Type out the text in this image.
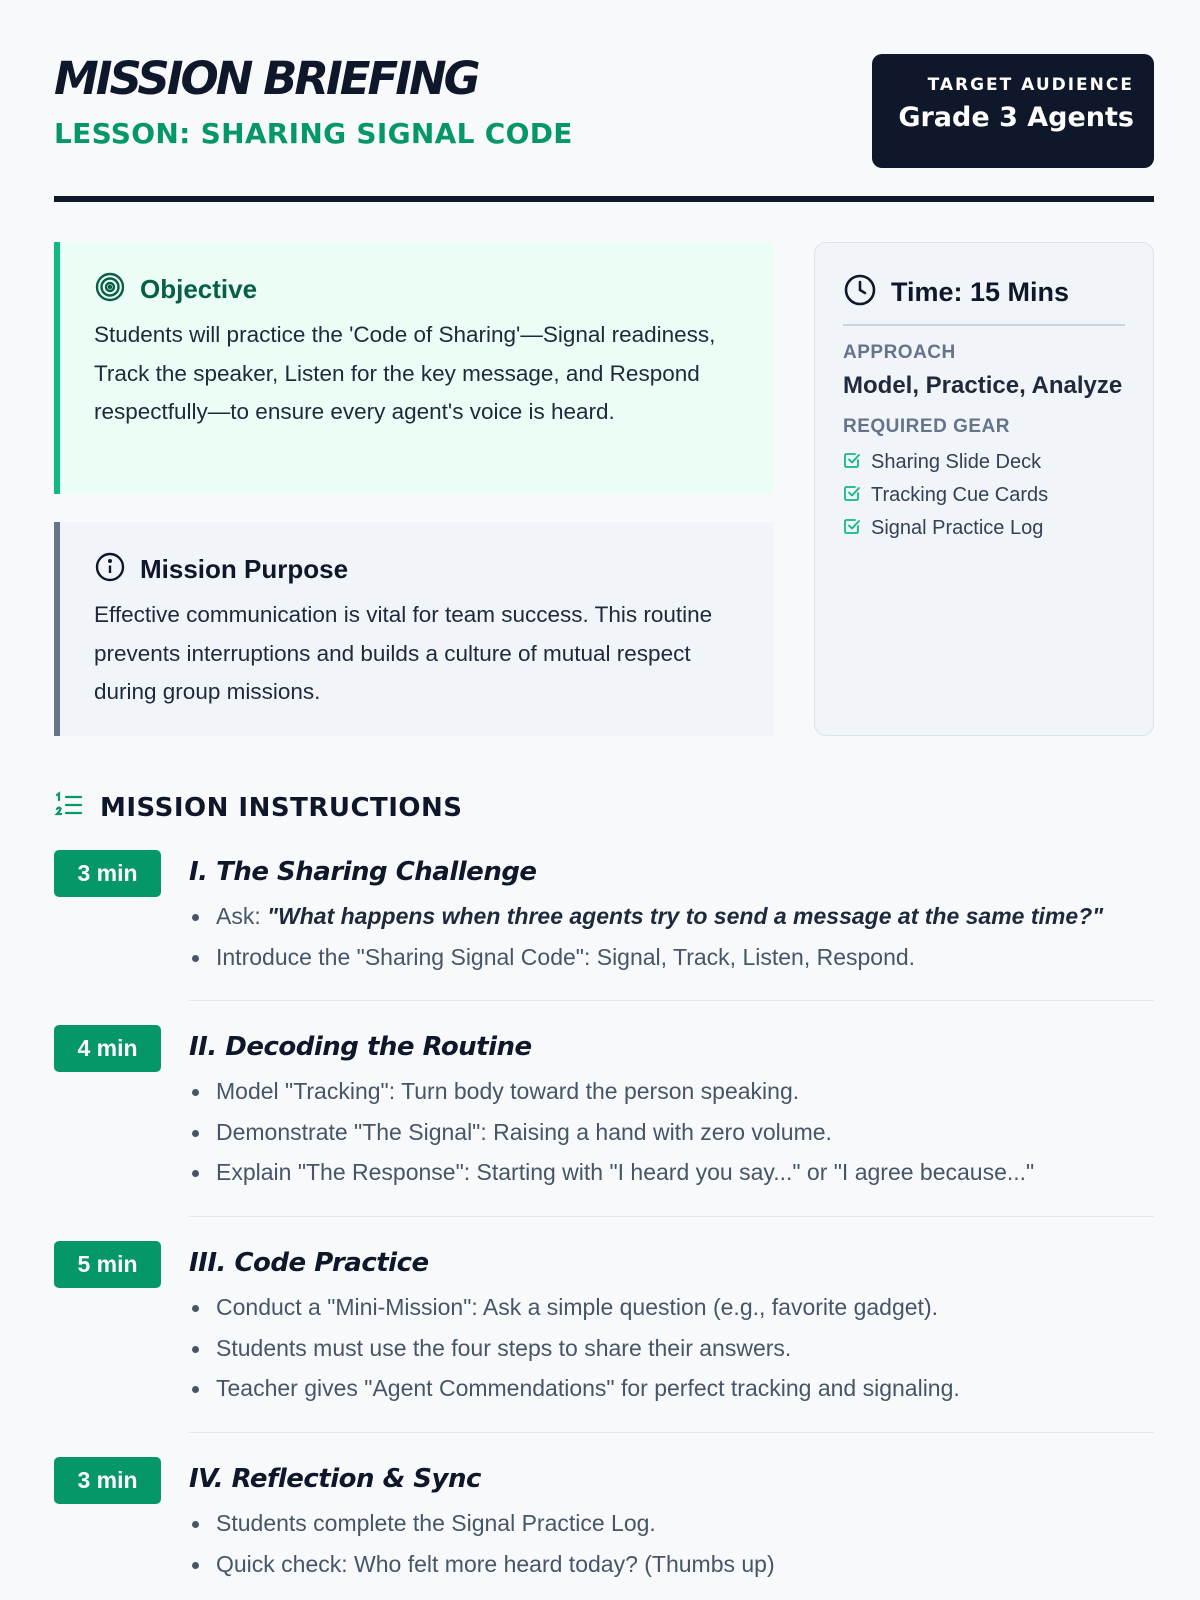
MISSION BRIEFING
LESSON: SHARING SIGNAL CODE
TARGET AUDIENCE
Grade 3 Agents
Objective

Students will practice the 'Code of Sharing'—Signal readiness, Track the speaker, Listen for the key message, and Respond respectfully—to ensure every agent's voice is heard.

Mission Purpose

Effective communication is vital for team success. This routine prevents interruptions and builds a culture of mutual respect during group missions.

Time: 15 Mins
APPROACH
Model, Practice, Analyze
REQUIRED GEAR
Sharing Slide Deck
Tracking Cue Cards
Signal Practice Log
MISSION INSTRUCTIONS
3 min	I. The Sharing Challenge
Ask: "What happens when three agents try to send a message at the same time?"
Introduce the "Sharing Signal Code": Signal, Track, Listen, Respond.
4 min	II. Decoding the Routine
Model "Tracking": Turn body toward the person speaking.
Demonstrate "The Signal": Raising a hand with zero volume.
Explain "The Response": Starting with "I heard you say..." or "I agree because..."
5 min	III. Code Practice
Conduct a "Mini-Mission": Ask a simple question (e.g., favorite gadget).
Students must use the four steps to share their answers.
Teacher gives "Agent Commendations" for perfect tracking and signaling.
3 min	IV. Reflection & Sync
Students complete the Signal Practice Log.
Quick check: Who felt more heard today? (Thumbs up)
